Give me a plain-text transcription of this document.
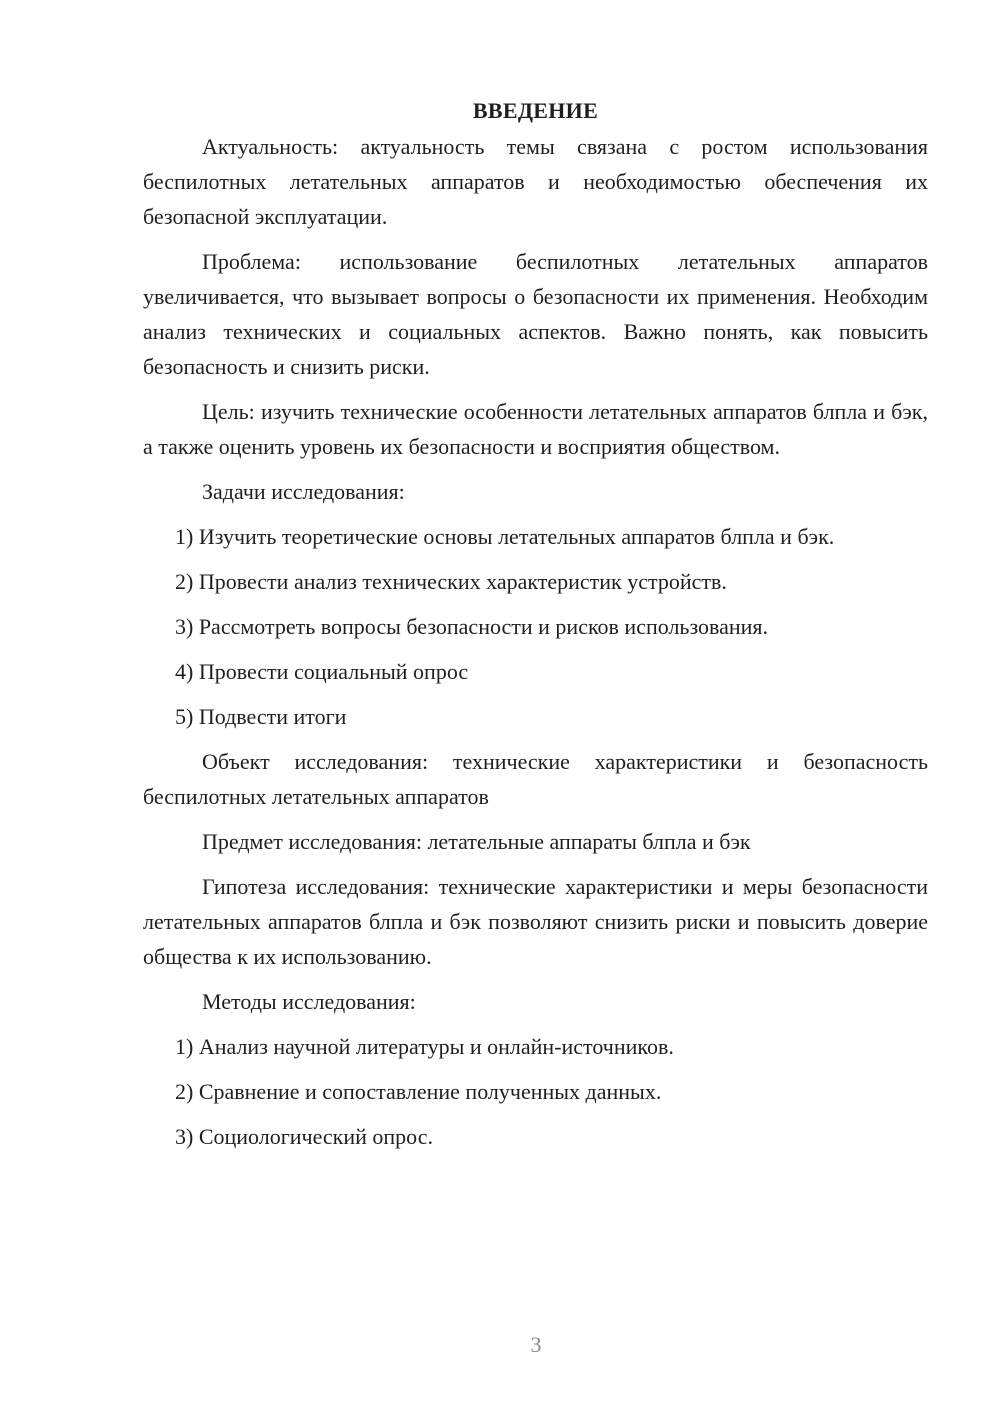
ВВЕДЕНИЕ

Актуальность: актуальность темы связана с ростом использования беспилотных летательных аппаратов и необходимостью обеспечения их безопасной эксплуатации.

Проблема: использование беспилотных летательных аппаратов увеличивается, что вызывает вопросы о безопасности их применения. Необходим анализ технических и социальных аспектов. Важно понять, как повысить безопасность и снизить риски.

Цель: изучить технические особенности летательных аппаратов блпла и бэк, а также оценить уровень их безопасности и восприятия обществом.

Задачи исследования:
1) Изучить теоретические основы летательных аппаратов блпла и бэк.
2) Провести анализ технических характеристик устройств.
3) Рассмотреть вопросы безопасности и рисков использования.
4) Провести социальный опрос
5) Подвести итоги

Объект исследования: технические характеристики и безопасность беспилотных летательных аппаратов

Предмет исследования: летательные аппараты блпла и бэк

Гипотеза исследования: технические характеристики и меры безопасности летательных аппаратов блпла и бэк позволяют снизить риски и повысить доверие общества к их использованию.

Методы исследования:
1) Анализ научной литературы и онлайн-источников.
2) Сравнение и сопоставление полученных данных.
3) Социологический опрос.
3
